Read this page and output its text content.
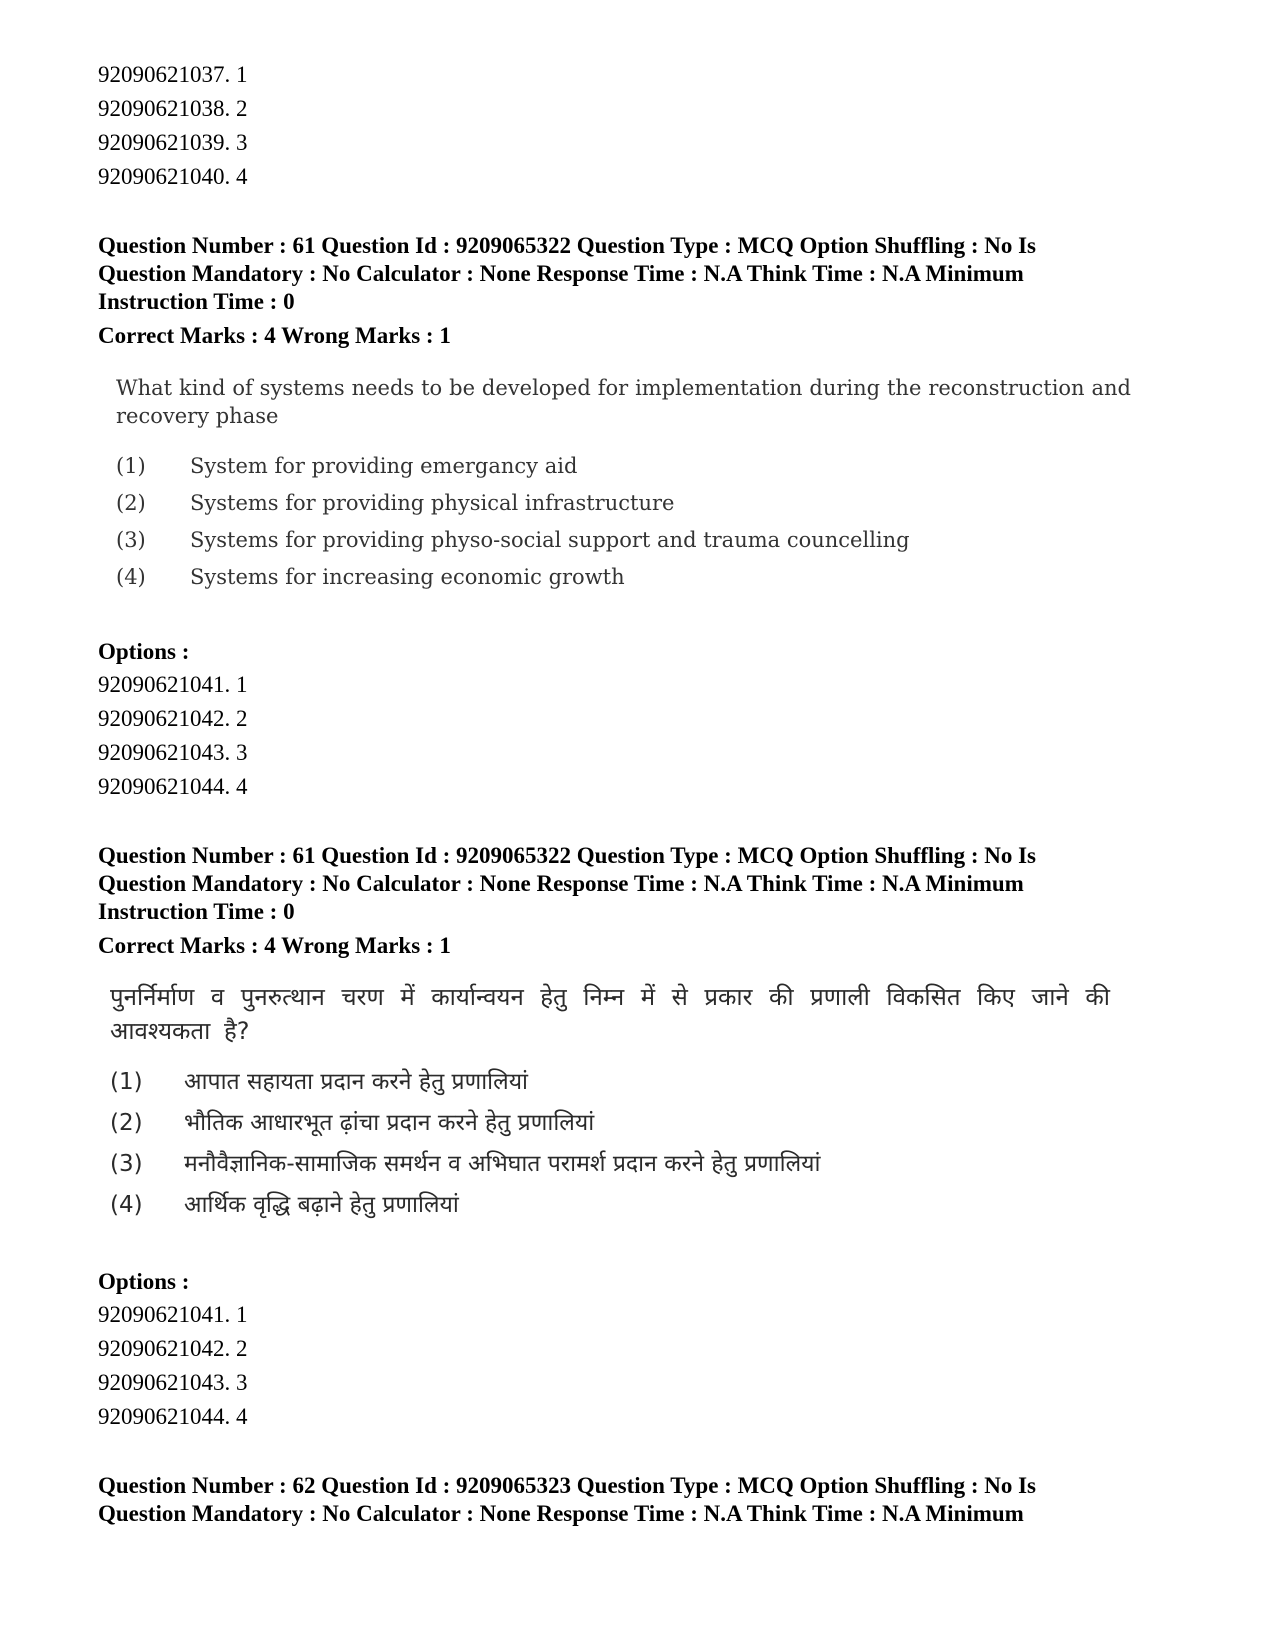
92090621037. 1
92090621038. 2
92090621039. 3
92090621040. 4
Question Number : 61 Question Id : 9209065322 Question Type : MCQ Option Shuffling : No Is
Question Mandatory : No Calculator : None Response Time : N.A Think Time : N.A Minimum
Instruction Time : 0
Correct Marks : 4 Wrong Marks : 1
What kind of systems needs to be developed for implementation during the reconstruction and recovery phase
(1)	System for providing emergancy aid
(2)	Systems for providing physical infrastructure
(3)	Systems for providing physo-social support and trauma councelling
(4)	Systems for increasing economic growth
Options :
92090621041. 1
92090621042. 2
92090621043. 3
92090621044. 4
Question Number : 61 Question Id : 9209065322 Question Type : MCQ Option Shuffling : No Is
Question Mandatory : No Calculator : None Response Time : N.A Think Time : N.A Minimum
Instruction Time : 0
Correct Marks : 4 Wrong Marks : 1
पुनर्निर्माण व पुनरुत्थान चरण में कार्यान्वयन हेतु निम्न में से प्रकार की प्रणाली विकसित किए जाने की आवश्यकता है?
(1)	आपात सहायता प्रदान करने हेतु प्रणालियां
(2)	भौतिक आधारभूत ढ़ांचा प्रदान करने हेतु प्रणालियां
(3)	मनौवैज्ञानिक-सामाजिक समर्थन व अभिघात परामर्श प्रदान करने हेतु प्रणालियां
(4)	आर्थिक वृद्धि बढ़ाने हेतु प्रणालियां
Options :
92090621041. 1
92090621042. 2
92090621043. 3
92090621044. 4
Question Number : 62 Question Id : 9209065323 Question Type : MCQ Option Shuffling : No Is
Question Mandatory : No Calculator : None Response Time : N.A Think Time : N.A Minimum
